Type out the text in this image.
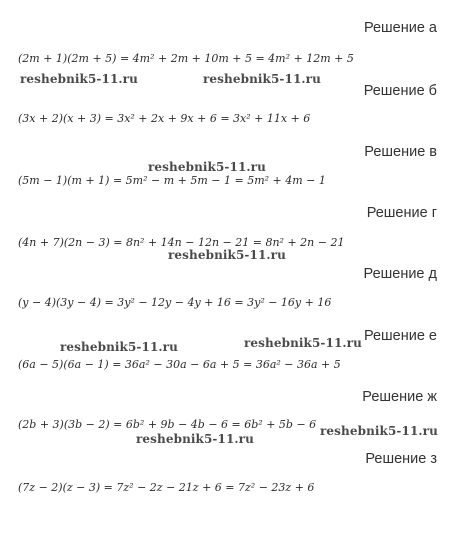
Решение а
(2m + 1)(2m + 5) = 4m² + 2m + 10m + 5 = 4m² + 12m + 5
reshebnik5-11.ru	reshebnik5-11.ru
Решение б
(3x + 2)(x + 3) = 3x² + 2x + 9x + 6 = 3x² + 11x + 6
Решение в
reshebnik5-11.ru
(5m − 1)(m + 1) = 5m² − m + 5m − 1 = 5m² + 4m − 1
Решение г
(4n + 7)(2n − 3) = 8n² + 14n − 12n − 21 = 8n² + 2n − 21
reshebnik5-11.ru
Решение д
(y − 4)(3y − 4) = 3y² − 12y − 4y + 16 = 3y² − 16y + 16
Решение е
reshebnik5-11.ru	reshebnik5-11.ru
(6a − 5)(6a − 1) = 36a² − 30a − 6a + 5 = 36a² − 36a + 5
Решение ж
(2b + 3)(3b − 2) = 6b² + 9b − 4b − 6 = 6b² + 5b − 6 reshebnik5-11.ru
reshebnik5-11.ru
Решение з
(7z − 2)(z − 3) = 7z² − 2z − 21z + 6 = 7z² − 23z + 6
